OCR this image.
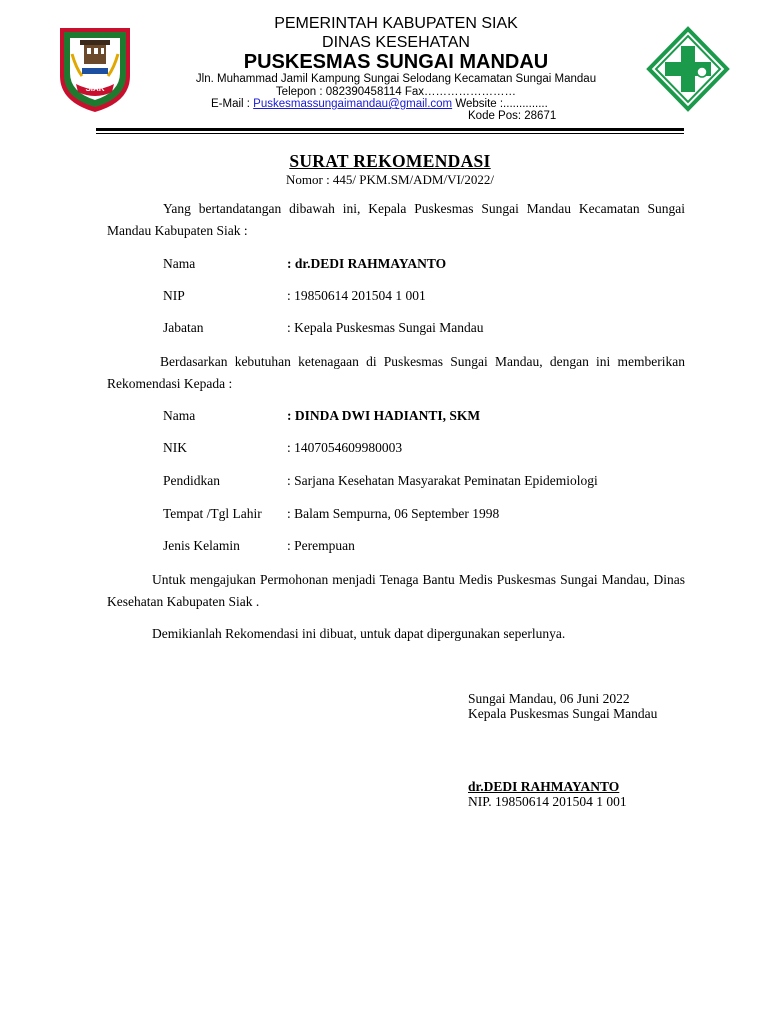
SIAK
PEMERINTAH KABUPATEN SIAK
DINAS KESEHATAN
PUSKESMAS SUNGAI MANDAU
Jln. Muhammad Jamil Kampung Sungai Selodang Kecamatan Sungai Mandau
Telepon : 082390458114 Fax……………………
E-Mail : Puskesmassungaimandau@gmail.com Website :..............
Kode Pos: 28671
SURAT REKOMENDASI
Nomor : 445/ PKM.SM/ADM/VI/2022/
Yang bertandatangan dibawah ini, Kepala Puskesmas Sungai Mandau Kecamatan Sungai Mandau Kabupaten Siak :
Nama	: dr.DEDI RAHMAYANTO
NIP	: 19850614 201504 1 001
Jabatan	: Kepala Puskesmas Sungai Mandau
Berdasarkan kebutuhan ketenagaan di Puskesmas Sungai Mandau, dengan ini memberikan Rekomendasi Kepada :
Nama	: DINDA DWI HADIANTI, SKM
NIK	: 1407054609980003
Pendidkan	: Sarjana Kesehatan Masyarakat Peminatan Epidemiologi
Tempat /Tgl Lahir : Balam Sempurna, 06 September 1998
Jenis Kelamin	: Perempuan
Untuk mengajukan Permohonan menjadi Tenaga Bantu Medis Puskesmas Sungai Mandau, Dinas Kesehatan Kabupaten Siak .
Demikianlah Rekomendasi ini dibuat, untuk dapat dipergunakan seperlunya.
Sungai Mandau, 06 Juni 2022
Kepala Puskesmas Sungai Mandau
dr.DEDI RAHMAYANTO
NIP. 19850614 201504 1 001
